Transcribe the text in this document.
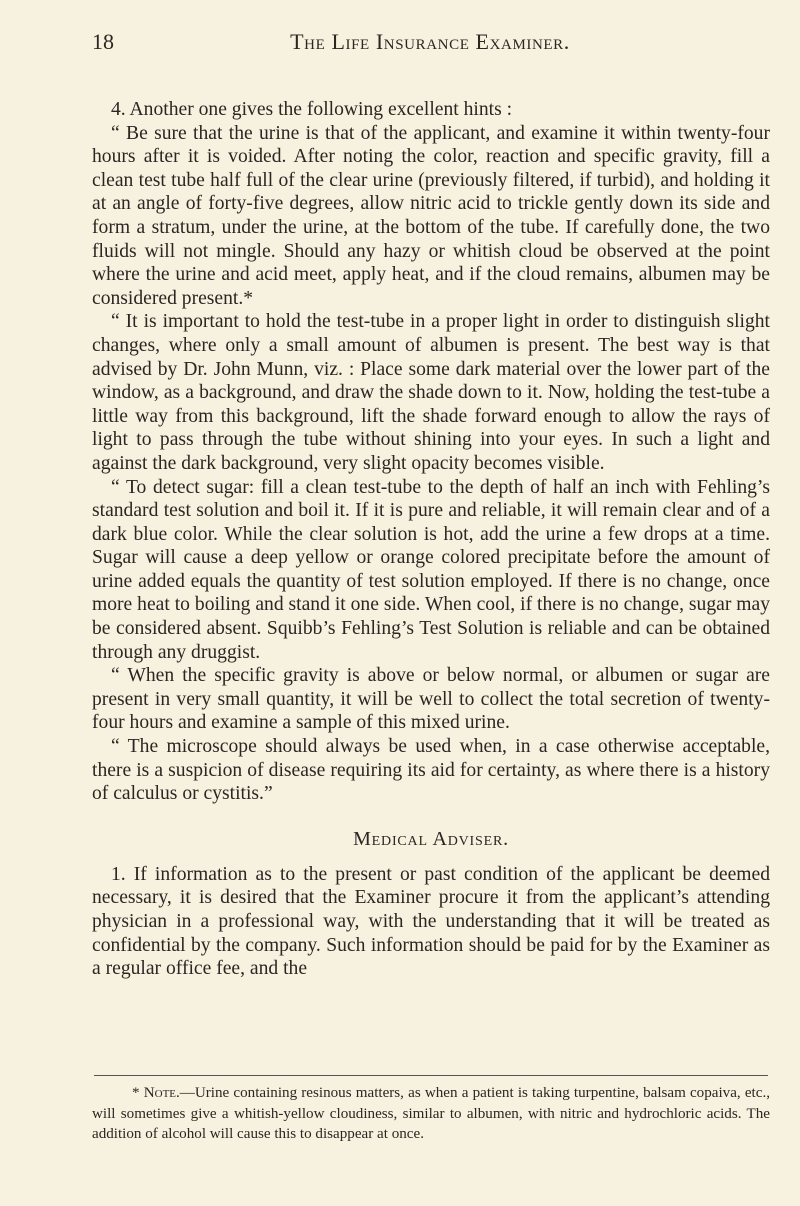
18	The Life Insurance Examiner.

4. Another one gives the following excellent hints :

“ Be sure that the urine is that of the applicant, and examine it within twenty-four hours after it is voided. After noting the color, reaction and specific gravity, fill a clean test tube half full of the clear urine (previously filtered, if turbid), and holding it at an angle of forty-five degrees, allow nitric acid to trickle gently down its side and form a stratum, under the urine, at the bottom of the tube. If carefully done, the two fluids will not mingle. Should any hazy or whitish cloud be observed at the point where the urine and acid meet, apply heat, and if the cloud remains, albumen may be considered present.*

“ It is important to hold the test-tube in a proper light in order to distinguish slight changes, where only a small amount of albumen is present. The best way is that advised by Dr. John Munn, viz. : Place some dark material over the lower part of the window, as a background, and draw the shade down to it. Now, holding the test-tube a little way from this background, lift the shade forward enough to allow the rays of light to pass through the tube without shining into your eyes. In such a light and against the dark background, very slight opacity becomes visible.

“ To detect sugar: fill a clean test-tube to the depth of half an inch with Fehling’s standard test solution and boil it. If it is pure and reliable, it will remain clear and of a dark blue color. While the clear solution is hot, add the urine a few drops at a time. Sugar will cause a deep yellow or orange colored precipitate before the amount of urine added equals the quantity of test solution employed. If there is no change, once more heat to boiling and stand it one side. When cool, if there is no change, sugar may be considered absent. Squibb’s Fehling’s Test Solution is reliable and can be obtained through any druggist.

“ When the specific gravity is above or below normal, or albumen or sugar are present in very small quantity, it will be well to collect the total secretion of twenty-four hours and examine a sample of this mixed urine.

“ The microscope should always be used when, in a case otherwise acceptable, there is a suspicion of disease requiring its aid for certainty, as where there is a history of calculus or cystitis.”

Medical Adviser.

1. If information as to the present or past condition of the applicant be deemed necessary, it is desired that the Examiner procure it from the applicant’s attending physician in a professional way, with the understanding that it will be treated as confidential by the company. Such information should be paid for by the Examiner as a regular office fee, and the

* Note.—Urine containing resinous matters, as when a patient is taking turpentine, balsam copaiva, etc., will sometimes give a whitish-yellow cloudiness, similar to albumen, with nitric and hydrochloric acids. The addition of alcohol will cause this to disappear at once.
